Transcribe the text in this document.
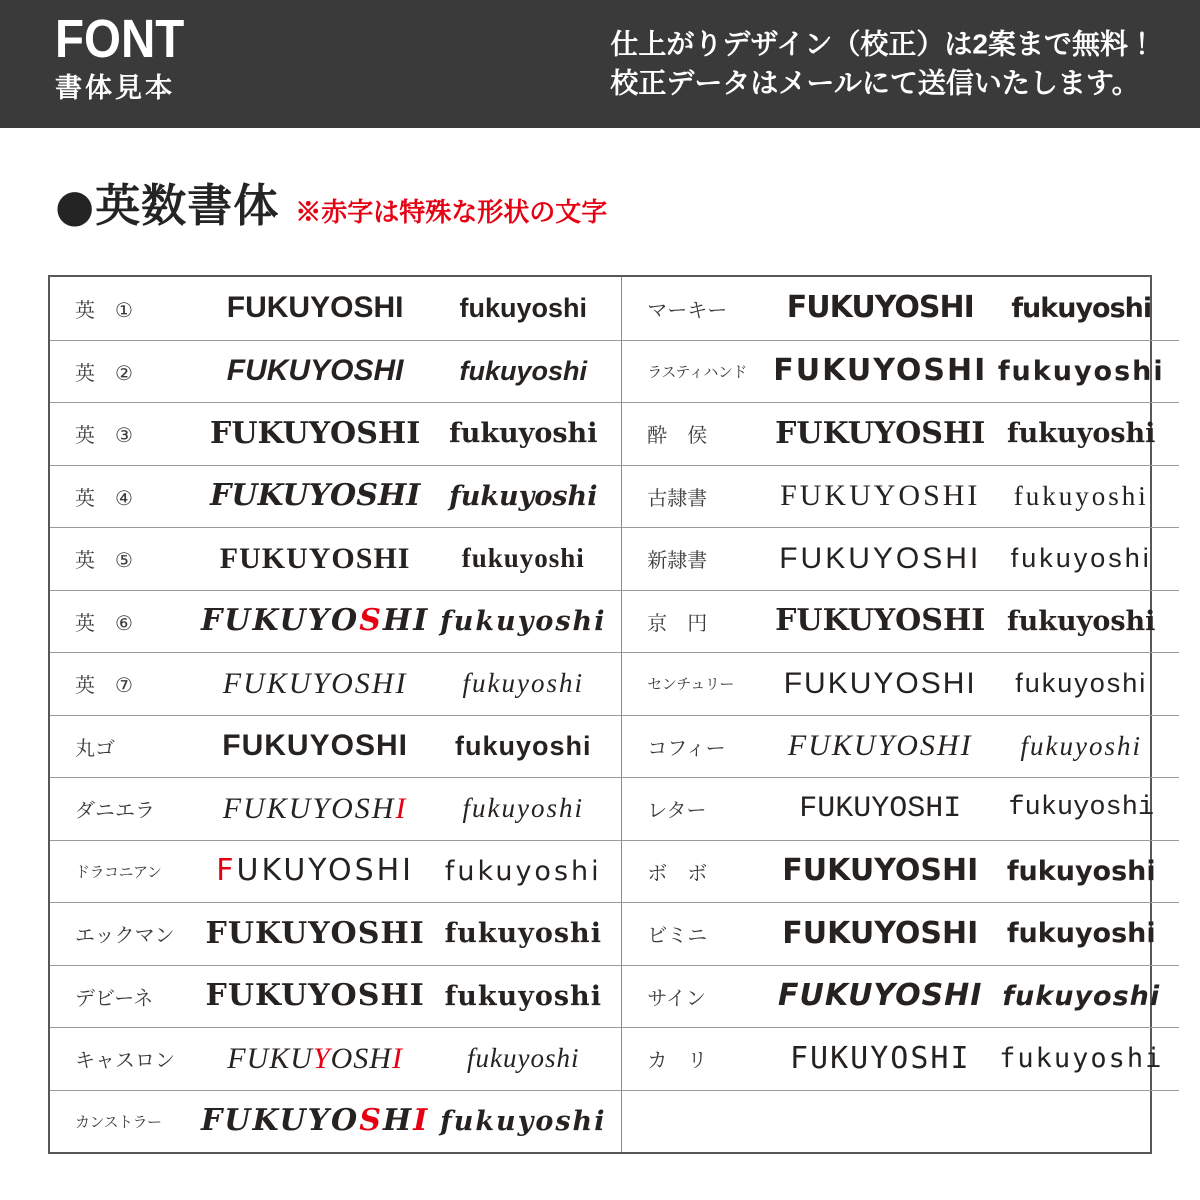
FONT
書体見本
仕上がりデザイン（校正）は2案まで無料！
校正データはメールにて送信いたします。
●英数書体 ※赤字は特殊な形状の文字
英　①	FUKUYOSHI	fukuyoshi
英　②	FUKUYOSHI	fukuyoshi
英　③	FUKUYOSHI	fukuyoshi
英　④	FUKUYOSHI	fukuyoshi
英　⑤	FUKUYOSHI	fukuyoshi
英　⑥	FUKUYOSHI fukuyoshi
英　⑦	FUKUYOSHI	fukuyoshi
丸ゴ	FUKUYOSHI	fukuyoshi
ダニエラ	FUKUYOSHI	fukuyoshi
ドラコニアン	FUKUYOSHI	fukuyoshi
エックマン	FUKUYOSHI fukuyoshi
デビーネ	FUKUYOSHI fukuyoshi
キャスロン	FUKUYOSHI	fukuyoshi
カンストラー	FUKUYOSHI fukuyoshi
マーキー	FUKUYOSHI	fukuyoshi
ラスティハンド FUKUYOSHI fukuyoshi
酔　侯	FUKUYOSHI fukuyoshi
古隷書	FUKUYOSHI	fukuyoshi
新隷書	FUKUYOSHI	fukuyoshi
京　円	FUKUYOSHI fukuyoshi
センチュリー	FUKUYOSHI	fukuyoshi
コフィー	FUKUYOSHI	fukuyoshi
レター	FUKUYOSHI	fukuyoshi
ボ　ボ	FUKUYOSHI	fukuyoshi
ビミニ	FUKUYOSHI	fukuyoshi
サイン	FUKUYOSHI fukuyoshi
カ　リ	FUKUYOSHI	fukuyoshi
